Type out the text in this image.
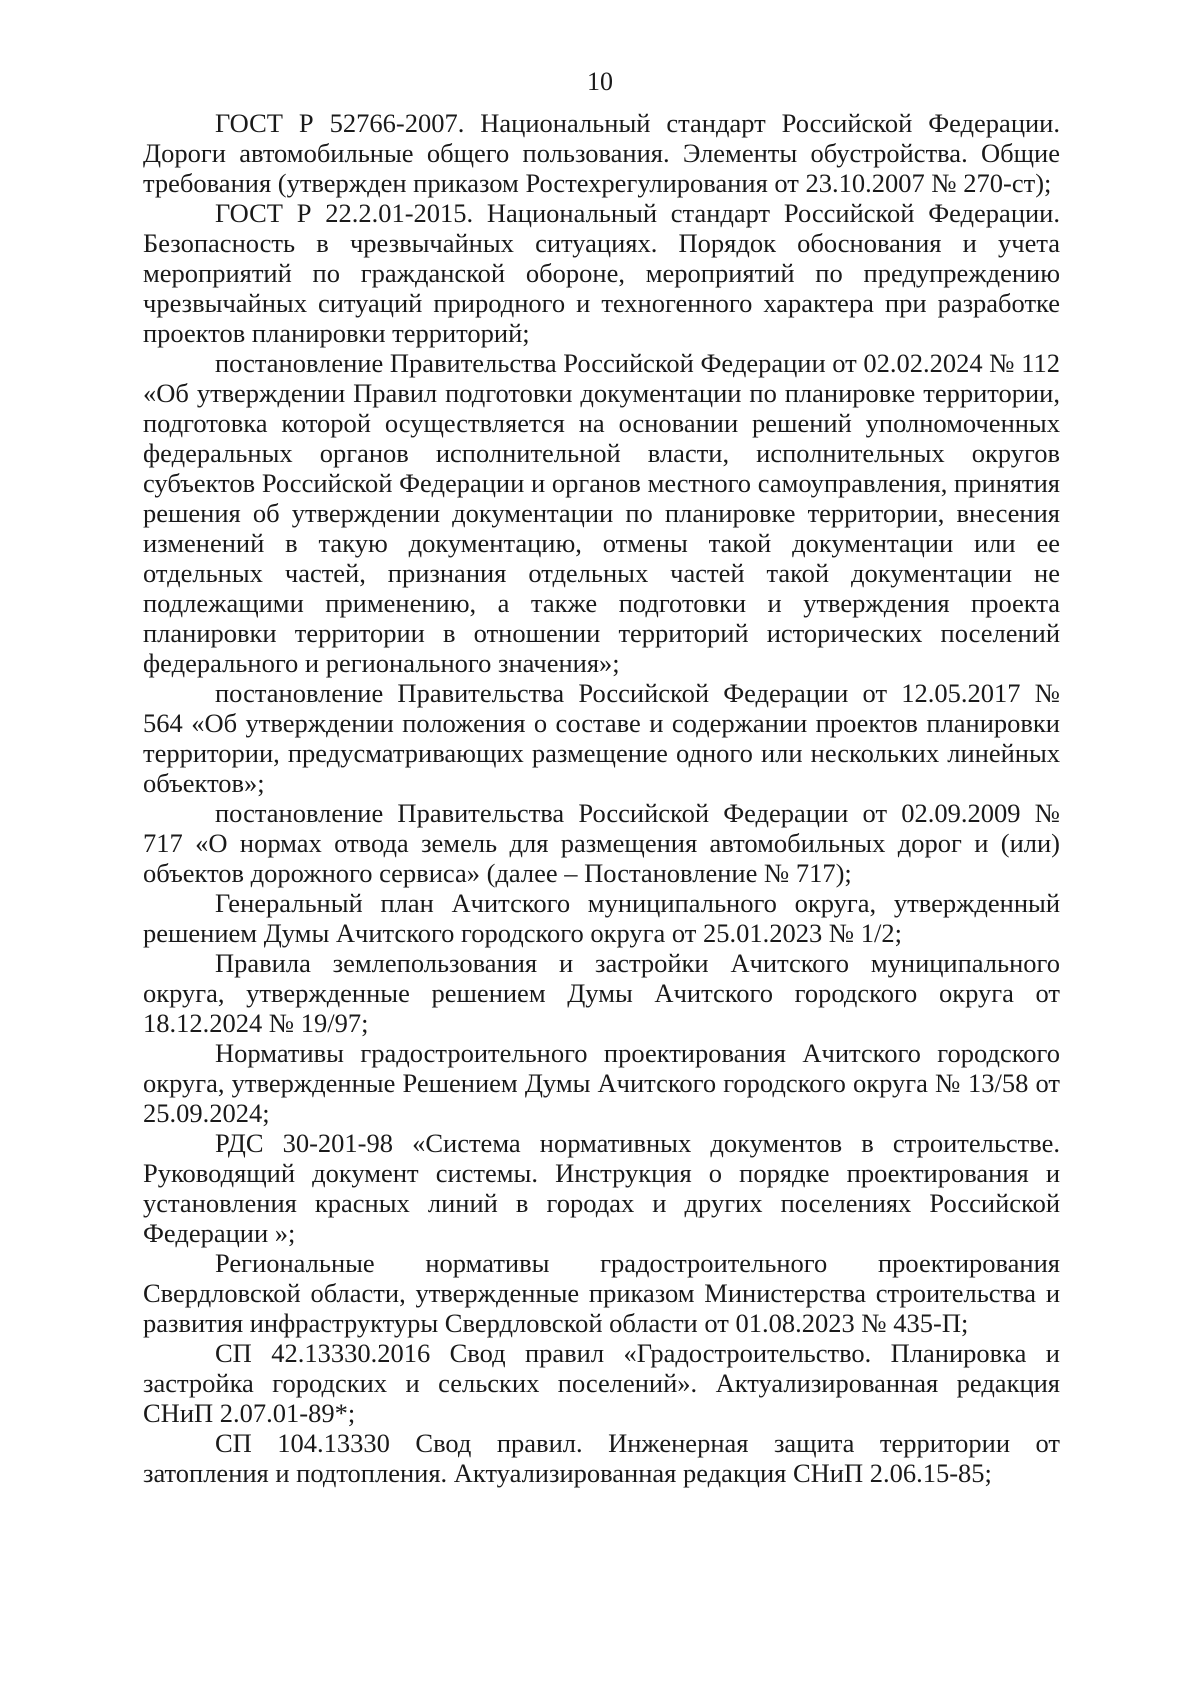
10

ГОСТ Р 52766-2007. Национальный стандарт Российской Федерации. Дороги автомобильные общего пользования. Элементы обустройства. Общие требования (утвержден приказом Ростехрегулирования от 23.10.2007 № 270-ст);

ГОСТ Р 22.2.01-2015. Национальный стандарт Российской Федерации. Безопасность в чрезвычайных ситуациях. Порядок обоснования и учета мероприятий по гражданской обороне, мероприятий по предупреждению чрезвычайных ситуаций природного и техногенного характера при разработке проектов планировки территорий;

постановление Правительства Российской Федерации от 02.02.2024 № 112 «Об утверждении Правил подготовки документации по планировке территории, подготовка которой осуществляется на основании решений уполномоченных федеральных органов исполнительной власти, исполнительных округов субъектов Российской Федерации и органов местного самоуправления, принятия решения об утверждении документации по планировке территории, внесения изменений в такую документацию, отмены такой документации или ее отдельных частей, признания отдельных частей такой документации не подлежащими применению, а также подготовки и утверждения проекта планировки территории в отношении территорий исторических поселений федерального и регионального значения»;

постановление Правительства Российской Федерации от 12.05.2017 № 564 «Об утверждении положения о составе и содержании проектов планировки территории, предусматривающих размещение одного или нескольких линейных объектов»;

постановление Правительства Российской Федерации от 02.09.2009 № 717 «О нормах отвода земель для размещения автомобильных дорог и (или) объектов дорожного сервиса» (далее – Постановление № 717);

Генеральный план Ачитского муниципального округа, утвержденный решением Думы Ачитского городского округа от 25.01.2023 № 1/2;

Правила землепользования и застройки Ачитского муниципального округа, утвержденные решением Думы Ачитского городского округа от 18.12.2024 № 19/97;

Нормативы градостроительного проектирования Ачитского городского округа, утвержденные Решением Думы Ачитского городского округа № 13/58 от 25.09.2024;

РДС 30-201-98 «Система нормативных документов в строительстве. Руководящий документ системы. Инструкция о порядке проектирования и установления красных линий в городах и других поселениях Российской Федерации »;

Региональные нормативы градостроительного проектирования Свердловской области, утвержденные приказом Министерства строительства и развития инфраструктуры Свердловской области от 01.08.2023 № 435-П;

СП 42.13330.2016 Свод правил «Градостроительство. Планировка и застройка городских и сельских поселений». Актуализированная редакция СНиП 2.07.01-89*;

СП 104.13330 Свод правил. Инженерная защита территории от затопления и подтопления. Актуализированная редакция СНиП 2.06.15-85;
